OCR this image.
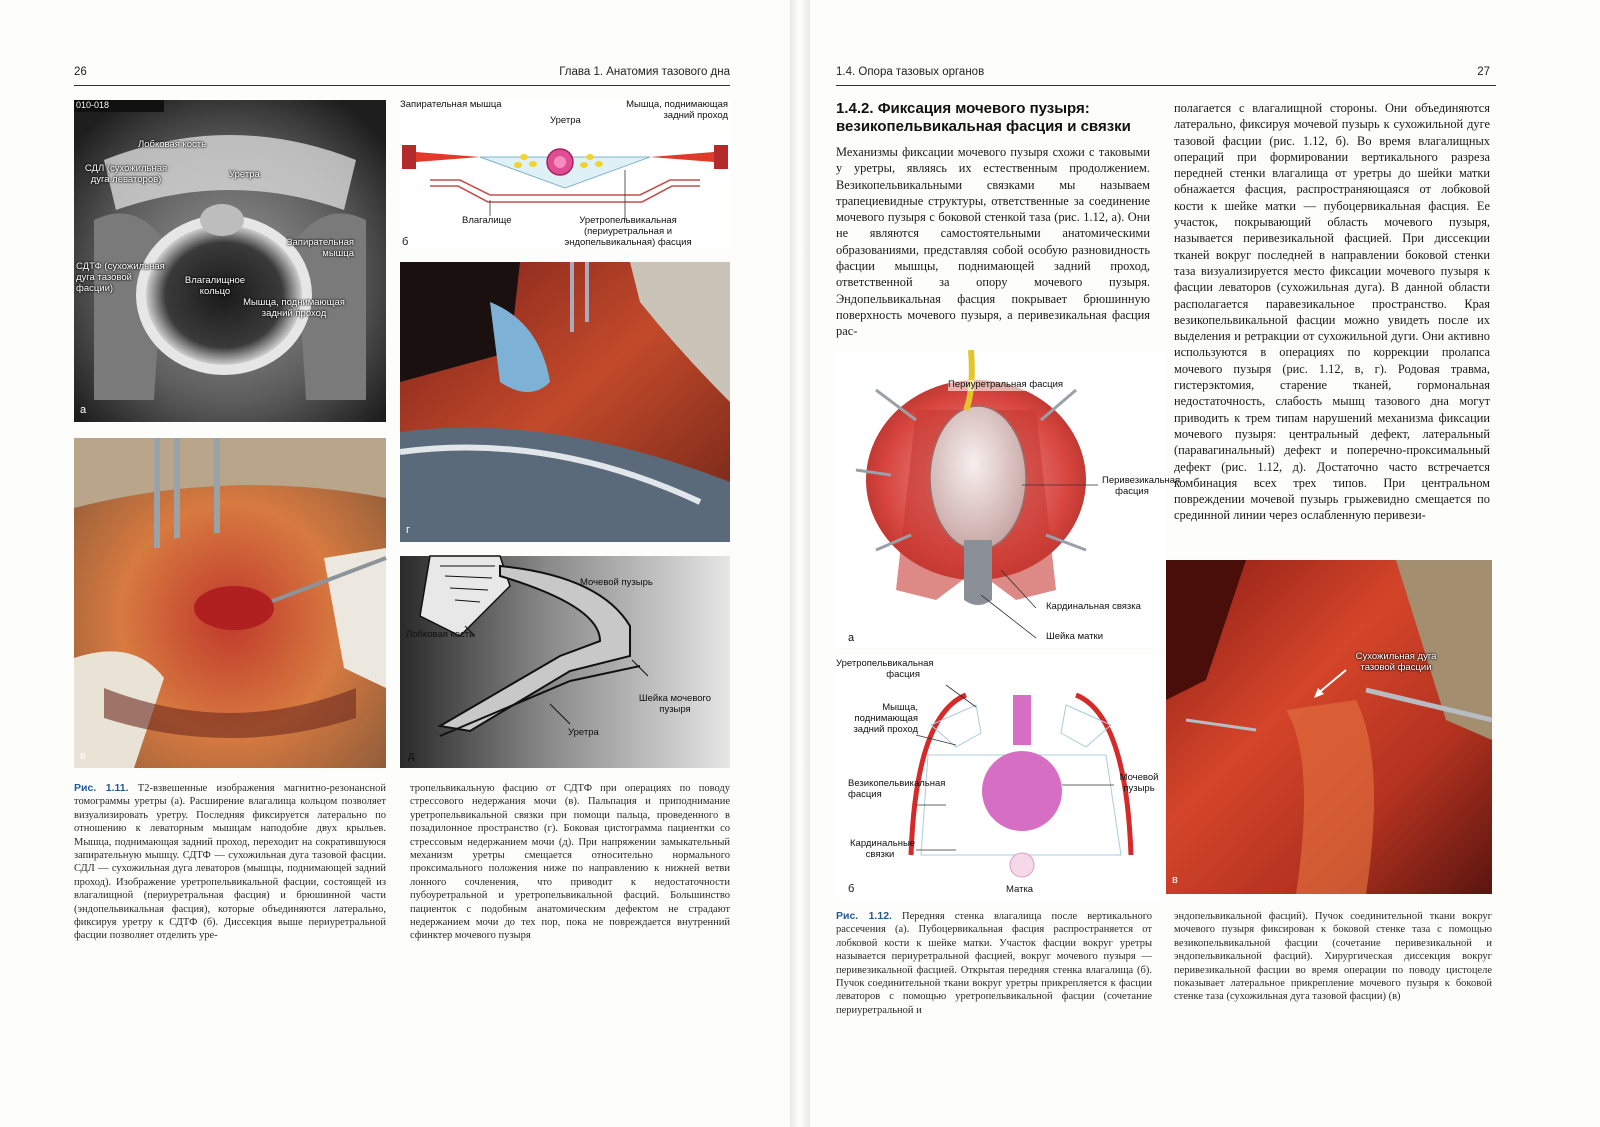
26	Глава 1. Анатомия тазового дна
010-018
Лобковая кость
СДЛ (сухожильная дуга леваторов)	Уретра
Запирательная мышца
СДТФ (сухожильная дуга тазовой фасции)
Влагалищное кольцо
Мышца, поднимающая задний проход
а
Запирательная мышца
Уретра
Мышца, поднимающая задний проход
Влагалище	Уретропельвикальная (периуретральная и эндопельвикальная) фасция
б
в
г
Мочевой пузырь
Лобковая кость
Шейка мочевого пузыря
Уретра
д
Рис. 1.11. Т2-взвешенные изображения магнитно-резонансной томограммы уретры (а). Расширение влагалища кольцом позволяет визуализировать уретру. Последняя фиксируется латерально по отношению к леваторным мышцам наподобие двух крыльев. Мышца, поднимающая задний проход, переходит на сократившуюся запирательную мышцу. СДТФ — сухожильная дуга тазовой фасции. СДЛ — сухожильная дуга леваторов (мышцы, поднимающей задний проход). Изображение уретропельвикальной фасции, состоящей из влагалищной (периуретральная фасция) и брюшинной части (эндопельвикальная фасция), которые объединяются латерально, фиксируя уретру к СДТФ (б). Диссекция выше периуретральной фасции позволяет отделить уре-
тропельвикальную фасцию от СДТФ при операциях по поводу стрессового недержания мочи (в). Пальпация и приподнимание уретропельвикальной связки при помощи пальца, проведенного в позадилонное пространство (г). Боковая цистограмма пациентки со стрессовым недержанием мочи (д). При напряжении замыкательный механизм уретры смещается относительно нормального проксимального положения ниже по направлению к нижней ветви лонного сочленения, что приводит к недостаточности пубоуретральной и уретропельвикальной фасций. Большинство пациенток с подобным анатомическим дефектом не страдают недержанием мочи до тех пор, пока не повреждается внутренний сфинктер мочевого пузыря
1.4. Опора тазовых органов	27
1.4.2. Фиксация мочевого пузыря: везикопельвикальная фасция и связки
Механизмы фиксации мочевого пузыря схожи с таковыми у уретры, являясь их естественным продолжением. Везикопельвикальными связками мы называем трапециевидные структуры, ответственные за соединение мочевого пузыря с боковой стенкой таза (рис. 1.12, а). Они не являются самостоятельными анатомическими образованиями, представляя собой особую разновидность фасции мышцы, поднимающей задний проход, ответственной за опору мочевого пузыря. Эндопельвикальная фасция покрывает брюшинную поверхность мочевого пузыря, а перивезикальная фасция рас-
полагается с влагалищной стороны. Они объединяются латерально, фиксируя мочевой пузырь к сухожильной дуге тазовой фасции (рис. 1.12, б). Во время влагалищных операций при формировании вертикального разреза передней стенки влагалища от уретры до шейки матки обнажается фасция, распространяющаяся от лобковой кости к шейке матки — пубоцервикальная фасция. Ее участок, покрывающий область мочевого пузыря, называется перивезикальной фасцией. При диссекции тканей вокруг последней в направлении боковой стенки таза визуализируется место фиксации мочевого пузыря к фасции леваторов (сухожильная дуга). В данной области располагается паравезикальное пространство. Края везикопельвикальной фасции можно увидеть после их выделения и ретракции от сухожильной дуги. Они активно используются в операциях по коррекции пролапса мочевого пузыря (рис. 1.12, в, г). Родовая травма, гистерэктомия, старение тканей, гормональная недостаточность, слабость мышц тазового дна могут приводить к трем типам нарушений механизма фиксации мочевого пузыря: центральный дефект, латеральный (паравагинальный) дефект и поперечно-проксимальный дефект (рис. 1.12, д). Достаточно часто встречается комбинация всех трех типов. При центральном повреждении мочевой пузырь грыжевидно смещается по срединной линии через ослабленную перивези-
Периуретральная фасция
Перивезикальная фасция
Кардинальная связка
Шейка матки
а
Уретропельвикальная фасция
Мышца, поднимающая задний проход
Везикопельвикальная фасция
Кардинальные связки
Мочевой пузырь
Матка
б
Сухожильная дуга тазовой фасции
в
Рис. 1.12. Передняя стенка влагалища после вертикального рассечения (а). Пубоцервикальная фасция распространяется от лобковой кости к шейке матки. Участок фасции вокруг уретры называется периуретральной фасцией, вокруг мочевого пузыря — перивезикальной фасцией. Открытая передняя стенка влагалища (б). Пучок соединительной ткани вокруг уретры прикрепляется к фасции леваторов с помощью уретропельвикальной фасции (сочетание периуретральной и
эндопельвикальной фасций). Пучок соединительной ткани вокруг мочевого пузыря фиксирован к боковой стенке таза с помощью везикопельвикальной фасции (сочетание перивезикальной и эндопельвикальной фасций). Хирургическая диссекция вокруг перивезикальной фасции во время операции по поводу цистоцеле показывает латеральное прикрепление мочевого пузыря к боковой стенке таза (сухожильная дуга тазовой фасции) (в)
